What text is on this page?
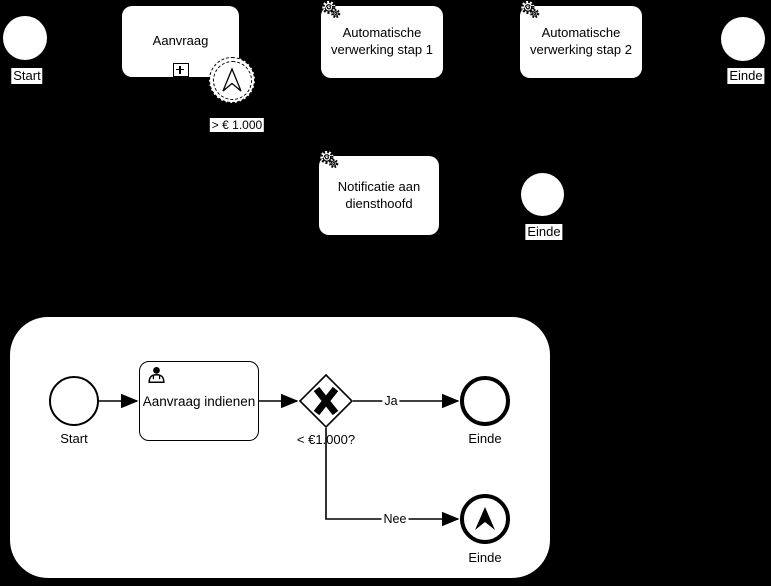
Start
Aanvraag
> € 1.000
Automatische verwerking stap 1
Automatische verwerking stap 2
Einde
Notificatie aan diensthoofd
Einde
Start
Aanvraag indienen
< €1.000?
Ja
Nee
Einde
Einde
